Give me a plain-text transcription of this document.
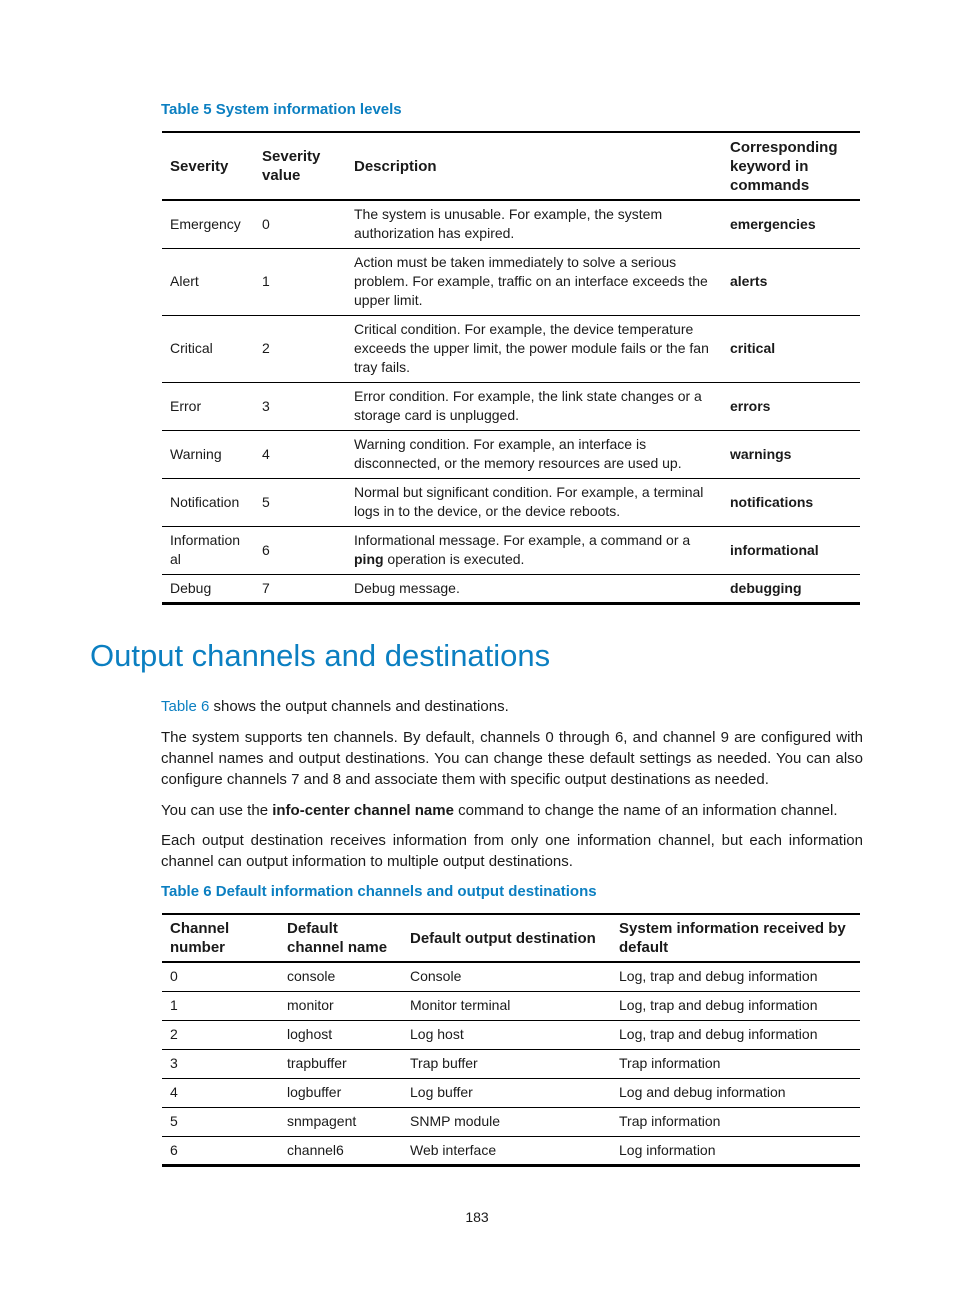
Table 5 System information levels

Severity	Severity value	Description	Corresponding keyword in commands
Emergency	0	The system is unusable. For example, the system authorization has expired.	emergencies
Alert	1	Action must be taken immediately to solve a serious problem. For example, traffic on an interface exceeds the upper limit.	alerts
Critical	2	Critical condition. For example, the device temperature exceeds the upper limit, the power module fails or the fan tray fails.	critical
Error	3	Error condition. For example, the link state changes or a storage card is unplugged.	errors
Warning	4	Warning condition. For example, an interface is disconnected, or the memory resources are used up.	warnings
Notification	5	Normal but significant condition. For example, a terminal logs in to the device, or the device reboots.	notifications
Information al	6	Informational message. For example, a command or a ping operation is executed.	informational
Debug	7	Debug message.	debugging
Output channels and destinations

Table 6 shows the output channels and destinations.

The system supports ten channels. By default, channels 0 through 6, and channel 9 are configured with channel names and output destinations. You can change these default settings as needed. You can also configure channels 7 and 8 and associate them with specific output destinations as needed.

You can use the info-center channel name command to change the name of an information channel.

Each output destination receives information from only one information channel, but each information channel can output information to multiple output destinations.

Table 6 Default information channels and output destinations

Channel number	Default channel name	Default output destination	System information received by default
0	console	Console	Log, trap and debug information
1	monitor	Monitor terminal	Log, trap and debug information
2	loghost	Log host	Log, trap and debug information
3	trapbuffer	Trap buffer	Trap information
4	logbuffer	Log buffer	Log and debug information
5	snmpagent	SNMP module	Trap information
6	channel6	Web interface	Log information

183
